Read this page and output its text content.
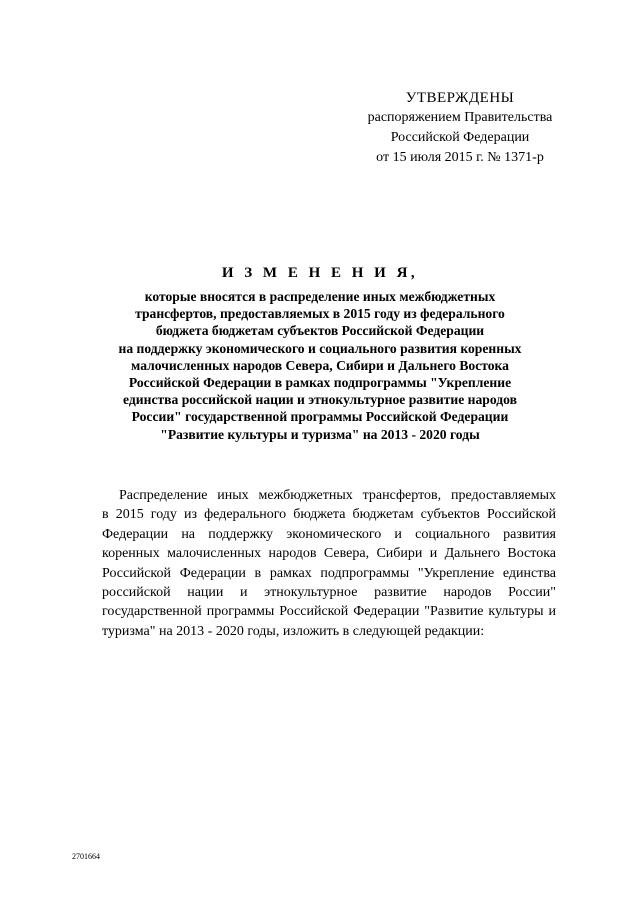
УТВЕРЖДЕНЫ
распоряжением Правительства
Российской Федерации
от 15 июля 2015 г. № 1371-р
И З М Е Н Е Н И Я,
которые вносятся в распределение иных межбюджетных
трансфертов, предоставляемых в 2015 году из федерального
бюджета бюджетам субъектов Российской Федерации
на поддержку экономического и социального развития коренных
малочисленных народов Севера, Сибири и Дальнего Востока
Российской Федерации в рамках подпрограммы "Укрепление
единства российской нации и этнокультурное развитие народов
России" государственной программы Российской Федерации
"Развитие культуры и туризма" на 2013 - 2020 годы
Распределение иных межбюджетных трансфертов, предоставляемых
в 2015 году из федерального бюджета бюджетам субъектов Российской
Федерации на поддержку экономического и социального развития
коренных малочисленных народов Севера, Сибири и Дальнего Востока
Российской Федерации в рамках подпрограммы "Укрепление единства
российской нации и этнокультурное развитие народов России"
государственной программы Российской Федерации "Развитие культуры и
туризма" на 2013 - 2020 годы, изложить в следующей редакции:
2701664
